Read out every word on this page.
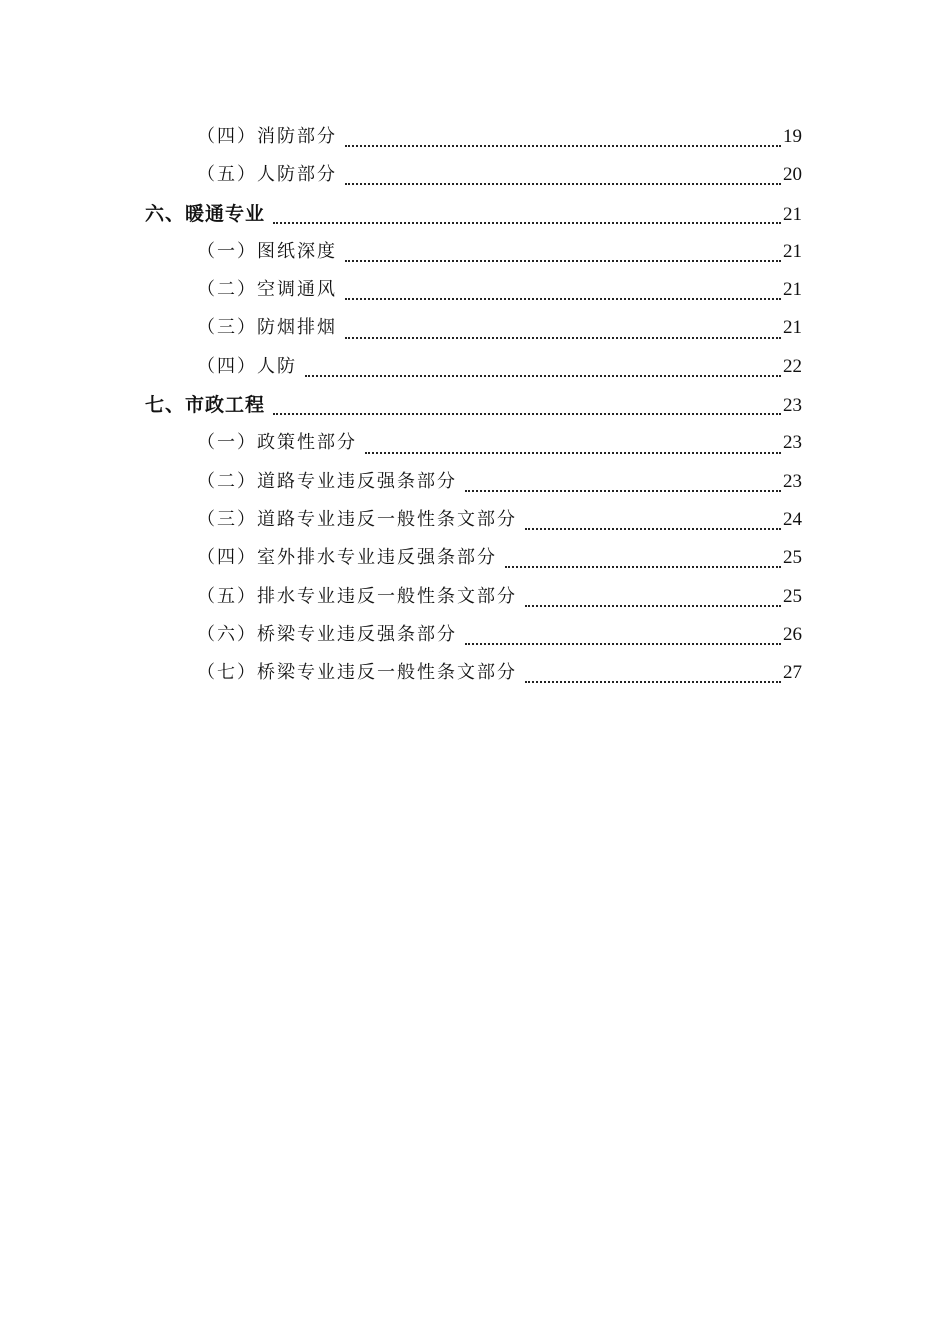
（四）消防部分	19
（五）人防部分	20
六、暖通专业	21
（一）图纸深度	21
（二）空调通风	21
（三）防烟排烟	21
（四）人防	22
七、市政工程	23
（一）政策性部分	23
（二）道路专业违反强条部分	23
（三）道路专业违反一般性条文部分	24
（四）室外排水专业违反强条部分	25
（五）排水专业违反一般性条文部分	25
（六）桥梁专业违反强条部分	26
（七）桥梁专业违反一般性条文部分	27
